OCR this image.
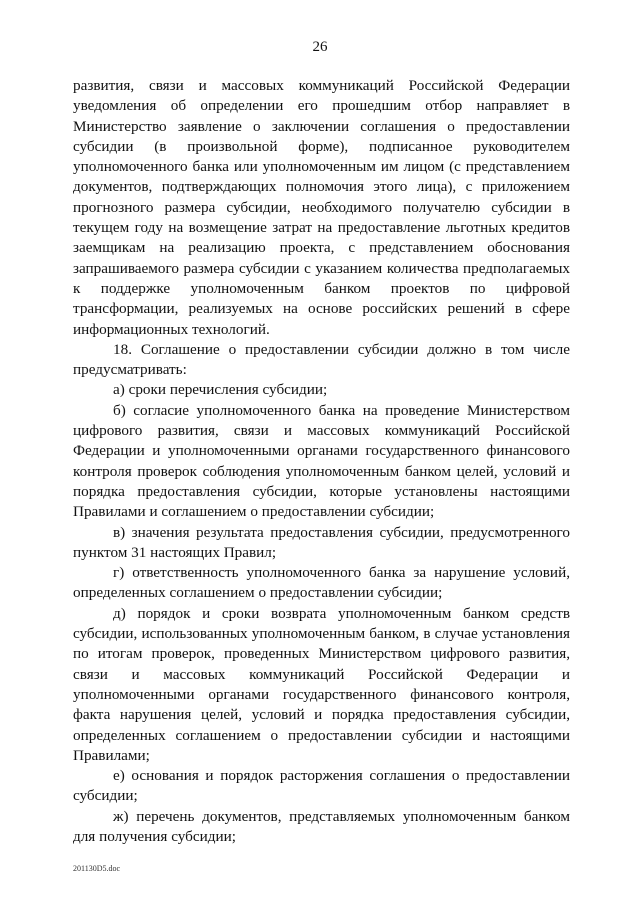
26

развития, связи и массовых коммуникаций Российской Федерации уведомления об определении его прошедшим отбор направляет в Министерство заявление о заключении соглашения о предоставлении субсидии (в произвольной форме), подписанное руководителем уполномоченного банка или уполномоченным им лицом (с представлением документов, подтверждающих полномочия этого лица), с приложением прогнозного размера субсидии, необходимого получателю субсидии в текущем году на возмещение затрат на предоставление льготных кредитов заемщикам на реализацию проекта, с представлением обоснования запрашиваемого размера субсидии с указанием количества предполагаемых к поддержке уполномоченным банком проектов по цифровой трансформации, реализуемых на основе российских решений в сфере информационных технологий.

18. Соглашение о предоставлении субсидии должно в том числе предусматривать:

а) сроки перечисления субсидии;

б) согласие уполномоченного банка на проведение Министерством цифрового развития, связи и массовых коммуникаций Российской Федерации и уполномоченными органами государственного финансового контроля проверок соблюдения уполномоченным банком целей, условий и порядка предоставления субсидии, которые установлены настоящими Правилами и соглашением о предоставлении субсидии;

в) значения результата предоставления субсидии, предусмотренного пунктом 31 настоящих Правил;

г) ответственность уполномоченного банка за нарушение условий, определенных соглашением о предоставлении субсидии;

д) порядок и сроки возврата уполномоченным банком средств субсидии, использованных уполномоченным банком, в случае установления по итогам проверок, проведенных Министерством цифрового развития, связи и массовых коммуникаций Российской Федерации и уполномоченными органами государственного финансового контроля, факта нарушения целей, условий и порядка предоставления субсидии, определенных соглашением о предоставлении субсидии и настоящими Правилами;

е) основания и порядок расторжения соглашения о предоставлении субсидии;

ж) перечень документов, представляемых уполномоченным банком для получения субсидии;

201130D5.doc
